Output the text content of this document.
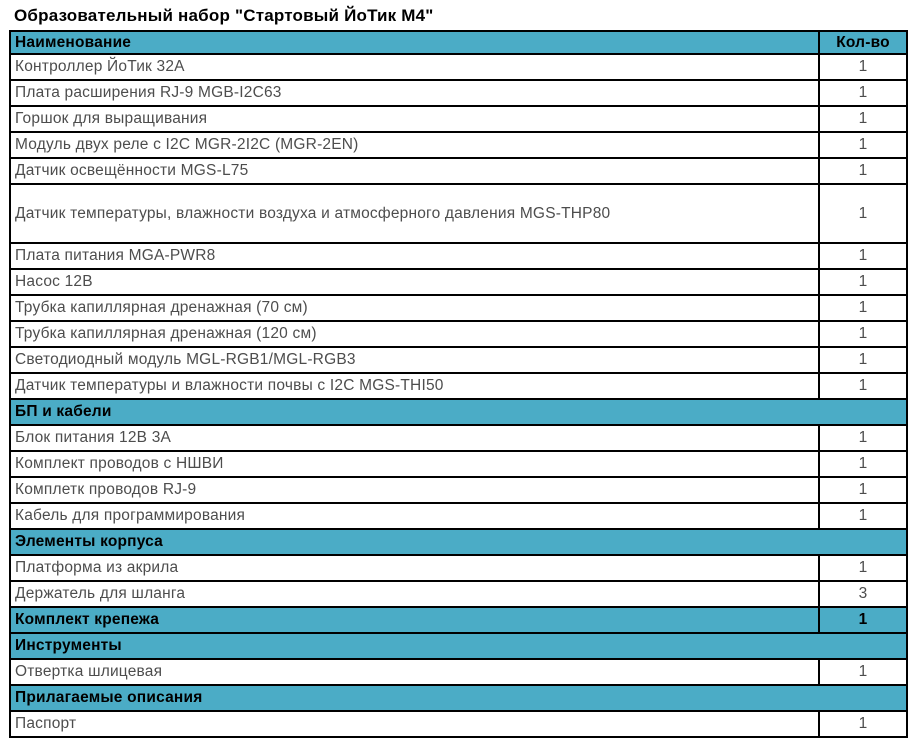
Образовательный набор "Стартовый ЙоТик М4"
Наименование	Кол-во
Контроллер ЙоТик 32А	1
Плата расширения RJ-9 MGB-I2C63	1
Горшок для выращивания	1
Модуль двух реле с I2C MGR-2I2C (MGR-2EN)	1
Датчик освещённости MGS-L75	1
Датчик температуры, влажности воздуха и атмосферного давления MGS-THP80	1
Плата питания MGA-PWR8	1
Насос 12В	1
Трубка капиллярная дренажная (70 см)	1
Трубка капиллярная дренажная (120 см)	1
Светодиодный модуль MGL-RGB1/MGL-RGB3	1
Датчик температуры и влажности почвы с I2C MGS-THI50	1
БП и кабели	
Блок питания 12В 3А	1
Комплект проводов с НШВИ	1
Комплетк проводов RJ-9	1
Кабель для программирования	1
Элементы корпуса	
Платформа из акрила	1
Держатель для шланга	3
Комплект крепежа	1
Инструменты	
Отвертка шлицевая	1
Прилагаемые описания	
Паспорт	1
